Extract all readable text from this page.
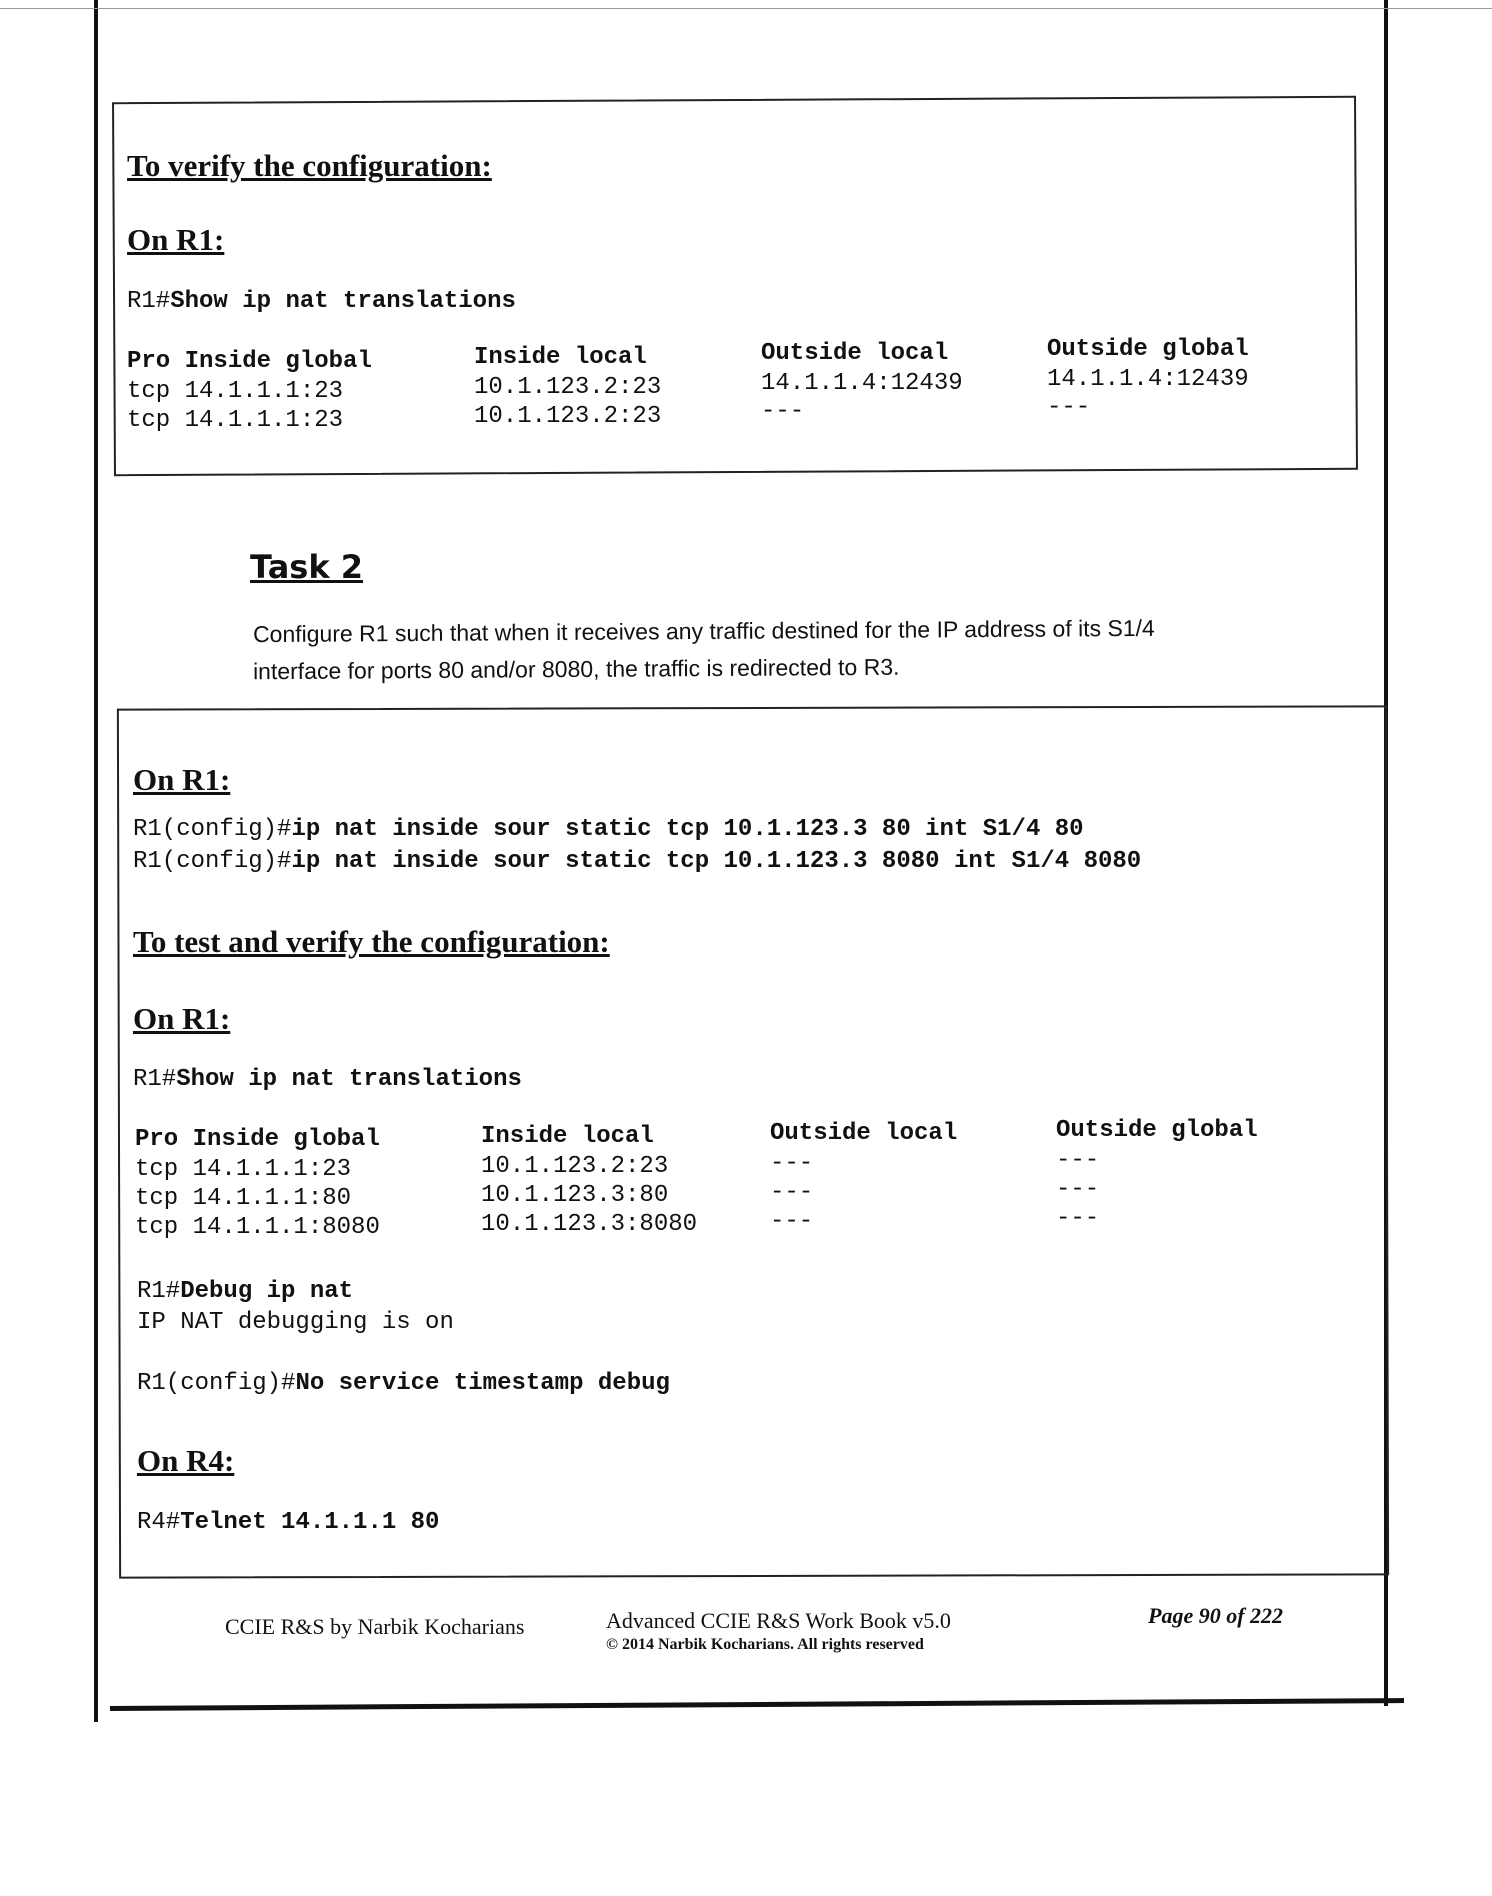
To verify the configuration:
On R1:
R1#Show ip nat translations
Pro Inside global	Inside local	Outside local	Outside global
tcp 14.1.1.1:23	10.1.123.2:23	14.1.1.4:12439	14.1.1.4:12439
tcp 14.1.1.1:23	10.1.123.2:23	---	---
Task 2
Configure R1 such that when it receives any traffic destined for the IP address of its S1/4
interface for ports 80 and/or 8080, the traffic is redirected to R3.
On R1:
R1(config)#ip nat inside sour static tcp 10.1.123.3 80 int S1/4 80
R1(config)#ip nat inside sour static tcp 10.1.123.3 8080 int S1/4 8080
To test and verify the configuration:
On R1:
R1#Show ip nat translations
Pro Inside global	Inside local	Outside local	Outside global
tcp 14.1.1.1:23	10.1.123.2:23	---	---
tcp 14.1.1.1:80	10.1.123.3:80	---	---
tcp 14.1.1.1:8080	10.1.123.3:8080	---	---
R1#Debug ip nat
IP NAT debugging is on
R1(config)#No service timestamp debug
On R4:
R4#Telnet 14.1.1.1 80
CCIE R&S by Narbik Kocharians	Advanced CCIE R&S Work Book v5.0
© 2014 Narbik Kocharians. All rights reserved
Page 90 of 222
